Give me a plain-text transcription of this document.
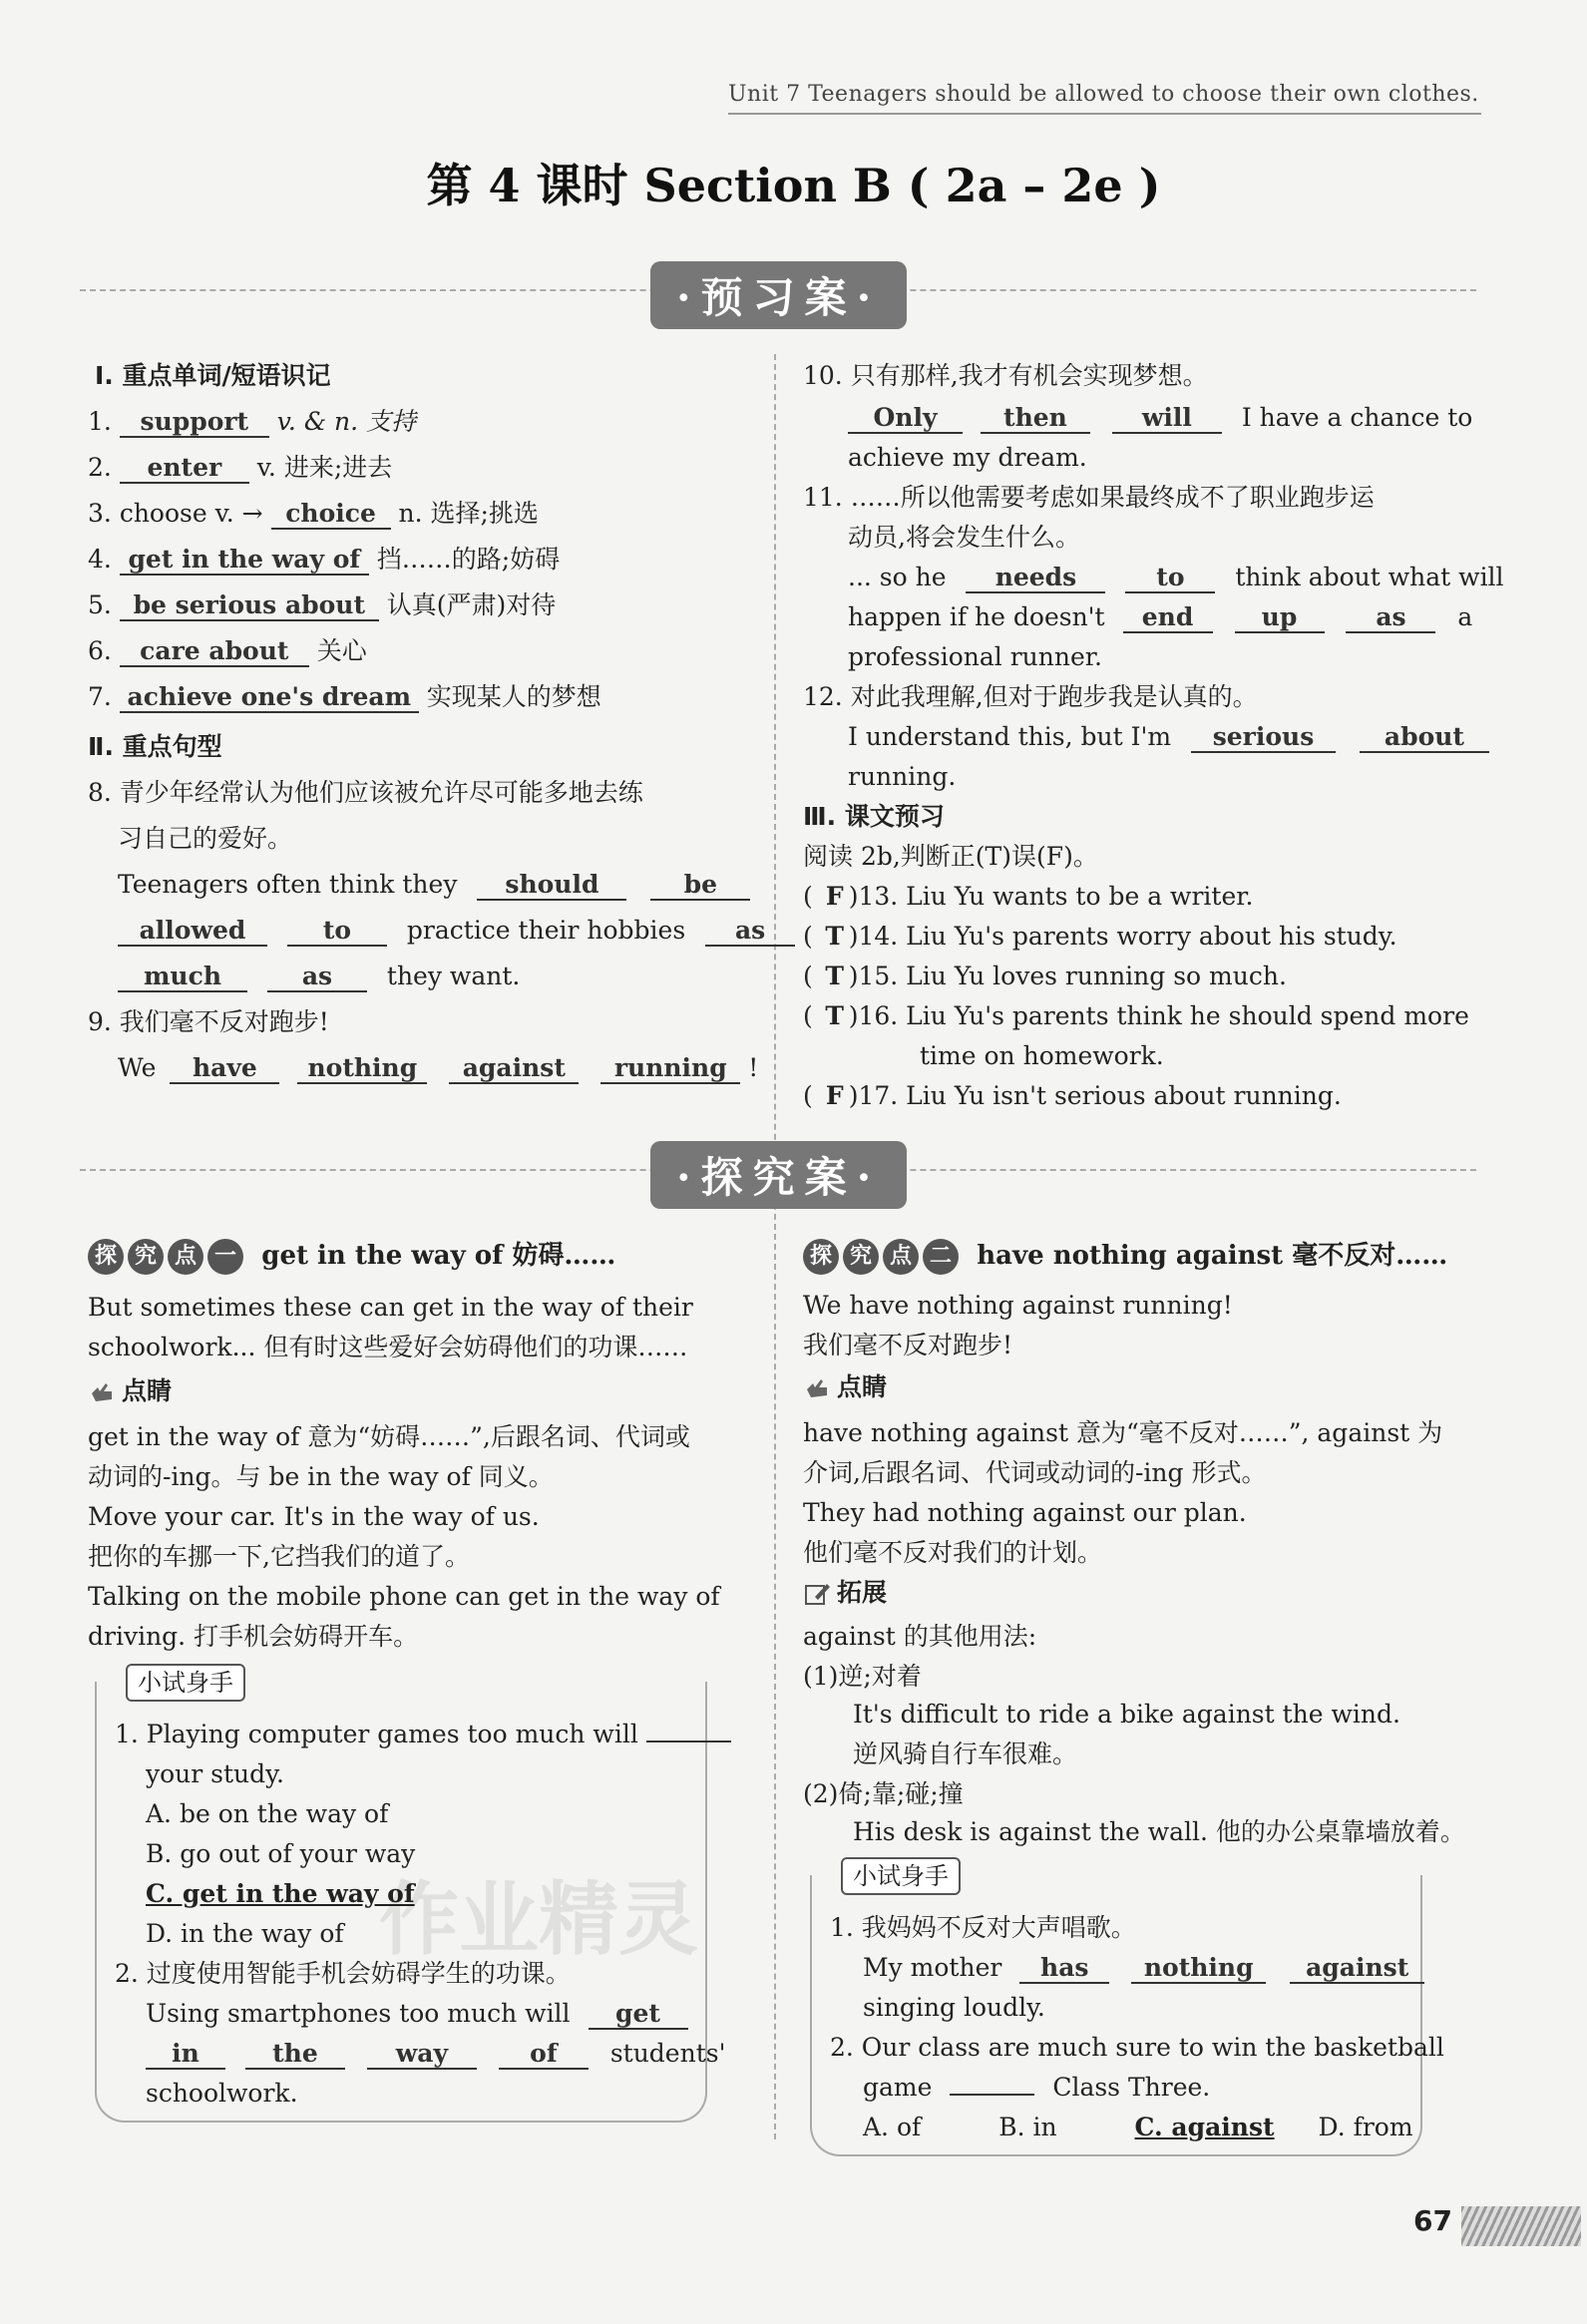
Unit 7 Teenagers should be allowed to choose their own clothes.
第 4 课时 Section B ( 2a – 2e )
·预习案·
Ⅰ. 重点单词/短语识记
1. support v. & n. 支持
2. enter v. 进来;进去
3. choose v. → choice n. 选择;挑选
4. get in the way of 挡……的路;妨碍
5. be serious about 认真(严肃)对待
6. care about 关心
7. achieve one's dream 实现某人的梦想
Ⅱ. 重点句型
8. 青少年经常认为他们应该被允许尽可能多地去练
习自己的爱好。
Teenagers often think they should	be
allowed	to practice their hobbies as
much	as they want.
9. 我们毫不反对跑步!
We have nothing against running !
10. 只有那样,我才有机会实现梦想。
Only	then	will I have a chance to
achieve my dream.
11. ……所以他需要考虑如果最终成不了职业跑步运
动员,将会发生什么。
... so he needs	to think about what will
happen if he doesn't end	up	as a
professional runner.
12. 对此我理解,但对于跑步我是认真的。
I understand this, but I'm serious	about
running.
Ⅲ. 课文预习
阅读 2b,判断正(T)误(F)。
( F )13. Liu Yu wants to be a writer.
( T )14. Liu Yu's parents worry about his study.
( T )15. Liu Yu loves running so much.
( T )16. Liu Yu's parents think he should spend more
time on homework.
( F )17. Liu Yu isn't serious about running.
·探究案·
探 究 点 一 get in the way of 妨碍……
But sometimes these can get in the way of their
schoolwork... 但有时这些爱好会妨碍他们的功课……
点睛
get in the way of 意为“妨碍……”,后跟名词、代词或
动词的-ing。与 be in the way of 同义。
Move your car. It's in the way of us.
把你的车挪一下,它挡我们的道了。
Talking on the mobile phone can get in the way of
driving. 打手机会妨碍开车。
小试身手
1. Playing computer games too much will
your study.
A. be on the way of
B. go out of your way
C. get in the way of
D. in the way of
2. 过度使用智能手机会妨碍学生的功课。
Using smartphones too much will get
in	the	way	of students'
schoolwork.
探 究 点 二 have nothing against 毫不反对……
We have nothing against running!
我们毫不反对跑步!
点睛
have nothing against 意为“毫不反对……”, against 为
介词,后跟名词、代词或动词的-ing 形式。
They had nothing against our plan.
他们毫不反对我们的计划。
拓展
against 的其他用法:
(1)逆;对着
It's difficult to ride a bike against the wind.
逆风骑自行车很难。
(2)倚;靠;碰;撞
His desk is against the wall. 他的办公桌靠墙放着。
小试身手
1. 我妈妈不反对大声唱歌。
My mother has nothing against
singing loudly.
2. Our class are much sure to win the basketball
game	Class Three.
A. of	B. in	C. against D. from
作业精灵
67
